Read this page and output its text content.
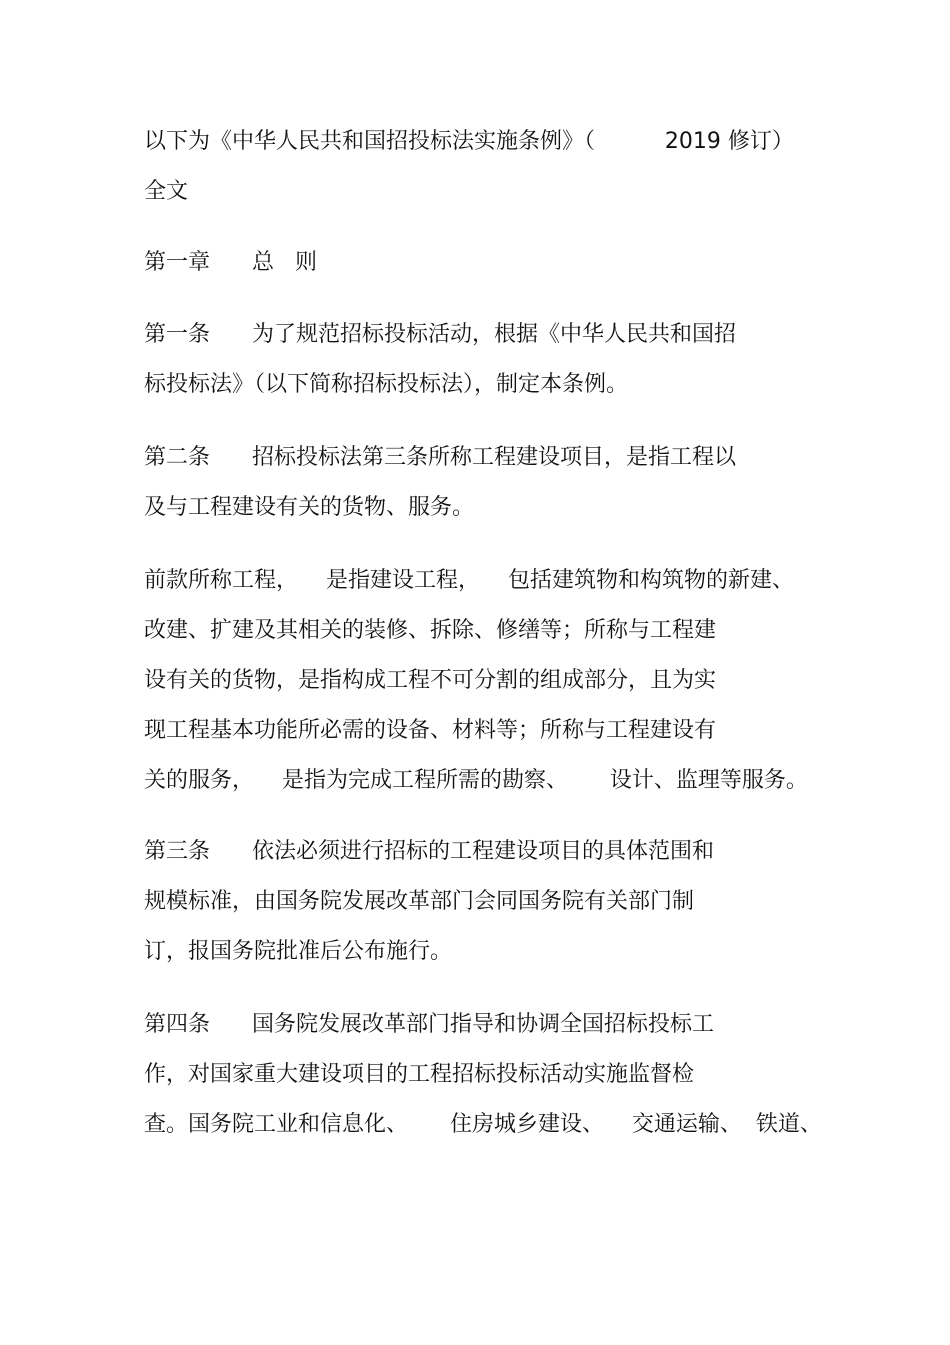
以下为《中华人民共和国招投标法实施条例》（          2019 修订）

全文

第一章      总   则

第一条      为了规范招标投标活动，根据《中华人民共和国招

标投标法》（以下简称招标投标法），制定本条例。

第二条      招标投标法第三条所称工程建设项目，是指工程以

及与工程建设有关的货物、服务。

前款所称工程，    是指建设工程，    包括建筑物和构筑物的新建、

改建、扩建及其相关的装修、拆除、修缮等；所称与工程建

设有关的货物，是指构成工程不可分割的组成部分，且为实

现工程基本功能所必需的设备、材料等；所称与工程建设有

关的服务，    是指为完成工程所需的勘察、      设计、监理等服务。

第三条      依法必须进行招标的工程建设项目的具体范围和

规模标准，由国务院发展改革部门会同国务院有关部门制

订，报国务院批准后公布施行。

第四条      国务院发展改革部门指导和协调全国招标投标工

作，对国家重大建设项目的工程招标投标活动实施监督检

查。国务院工业和信息化、      住房城乡建设、    交通运输、  铁道、
